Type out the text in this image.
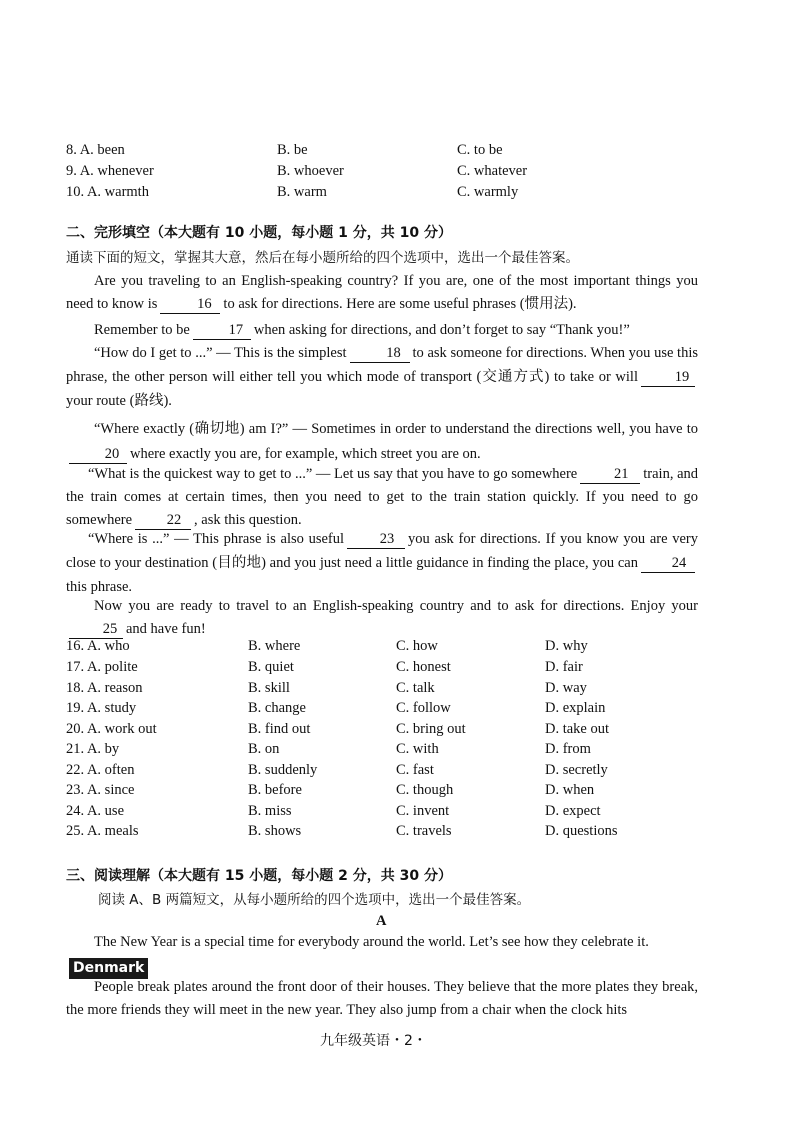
8. A. been	B. be	C. to be
9. A. whenever	B. whoever	C. whatever
10. A. warmth	B. warm	C. warmly
二、完形填空（本大题有 10 小题，每小题 1 分，共 10 分）
通读下面的短文，掌握其大意，然后在每小题所给的四个选项中，选出一个最佳答案。
Are you traveling to an English-speaking country? If you are, one of the most important things you need to know is	16 to ask for directions. Here are some useful phrases (惯用法).
Remember to be	17 when asking for directions, and don’t forget to say “Thank you!”
“How do I get to ...” — This is the simplest	18 to ask someone for directions. When you use this phrase, the other person will either tell you which mode of transport (交通方式) to take or will	19your route (路线).
“Where exactly (确切地) am I?” — Sometimes in order to understand the directions well, you have to20 where exactly you are, for example, which street you are on.
“What is the quickest way to get to ...” — Let us say that you have to go somewhere	21 train, and the train comes at certain times, then you need to get to the train station quickly. If you need to go somewhere 22 , ask this question.
“Where is ...” — This phrase is also useful 23 you ask for directions. If you know you are very close to your destination (目的地) and you just need a little guidance in finding the place, you can 24this phrase.
Now you are ready to travel to an English-speaking country and to ask for directions. Enjoy your25 and have fun!
16. A. who	B. where	C. how	D. why
17. A. polite	B. quiet	C. honest	D. fair
18. A. reason	B. skill	C. talk	D. way
19. A. study	B. change	C. follow	D. explain
20. A. work out	B. find out	C. bring out	D. take out
21. A. by	B. on	C. with	D. from
22. A. often	B. suddenly	C. fast	D. secretly
23. A. since	B. before	C. though	D. when
24. A. use	B. miss	C. invent	D. expect
25. A. meals	B. shows	C. travels	D. questions
三、阅读理解（本大题有 15 小题，每小题 2 分，共 30 分）
阅读 A、B 两篇短文，从每小题所给的四个选项中，选出一个最佳答案。
A
The New Year is a special time for everybody around the world. Let’s see how they celebrate it.
Denmark
People break plates around the front door of their houses. They believe that the more plates they break, the more friends they will meet in the new year. They also jump from a chair when the clock hits
九年级英语・2・
